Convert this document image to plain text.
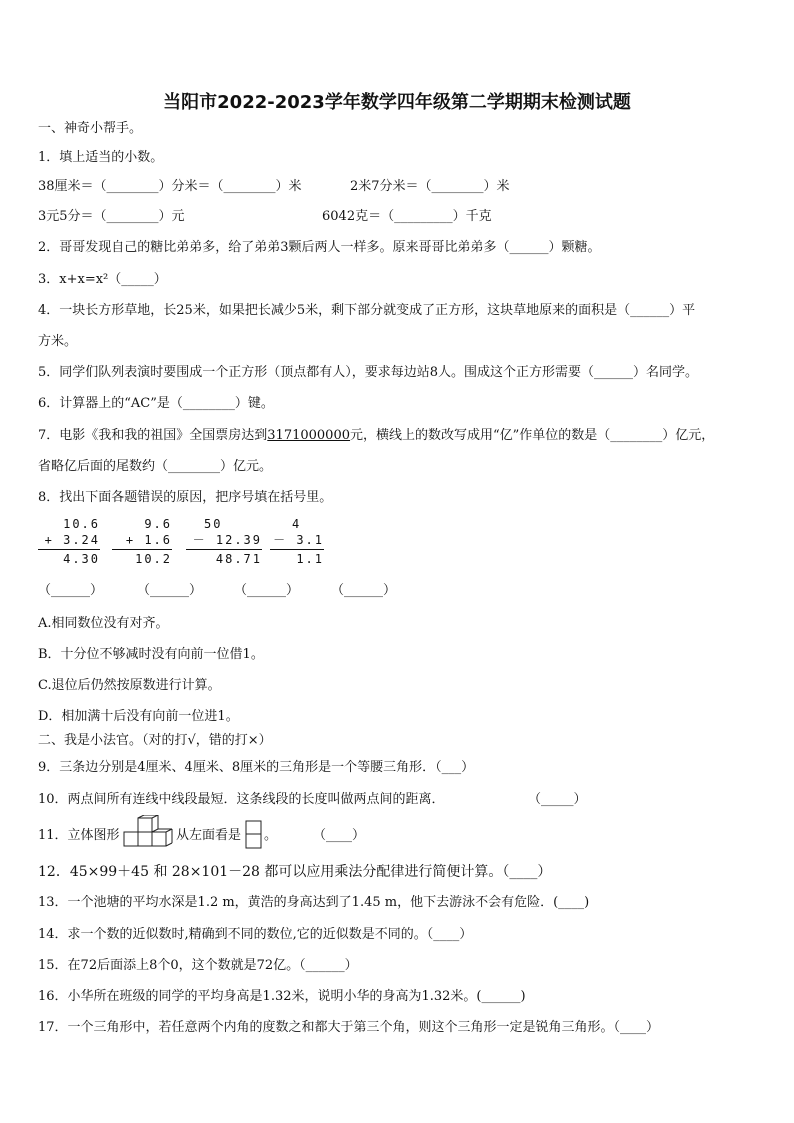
当阳市2022-2023学年数学四年级第二学期期末检测试题
一、神奇小帮手。
1．填上适当的小数。
38厘米＝（________）分米＝（________）米	2米7分米＝（________）米
3元5分＝（________）元	6042克＝（_________）千克
2．哥哥发现自己的糖比弟弟多，给了弟弟3颗后两人一样多。原来哥哥比弟弟多（______）颗糖。
3．x+x=x²（_____）
4．一块长方形草地，长25米，如果把长减少5米，剩下部分就变成了正方形，这块草地原来的面积是（______）平
方米。
5．同学们队列表演时要围成一个正方形（顶点都有人），要求每边站8人。围成这个正方形需要（______）名同学。
6．计算器上的“AC”是（________）键。
7．电影《我和我的祖国》全国票房达到3171000000元，横线上的数改写成用“亿”作单位的数是（________）亿元，
省略亿后面的尾数约（________）亿元。
8．找出下面各题错误的原因，把序号填在括号里。
10.6
+ 3.24
4.30
9.6
+ 1.6
10.2
50
－ 12.39
48.71
4
－ 3.1
1.1
（______）	（______） （______） （______）
A.相同数位没有对齐。
B．十分位不够减时没有向前一位借1。
C.退位后仍然按原数进行计算。
D．相加满十后没有向前一位进1。
二、我是小法官。（对的打√，错的打×）
9．三条边分别是4厘米、4厘米、8厘米的三角形是一个等腰三角形．（___）
10．两点间所有连线中线段最短．这条线段的长度叫做两点间的距离．	（_____）
11．立体图形	从左面看是 。	（____）
12．45×99＋45 和 28×101－28 都可以应用乘法分配律进行简便计算。（____）
13．一个池塘的平均水深是1.2 m，黄浩的身高达到了1.45 m，他下去游泳不会有危险．(____)
14．求一个数的近似数时,精确到不同的数位,它的近似数是不同的。（____）
15．在72后面添上8个0，这个数就是72亿。（______）
16．小华所在班级的同学的平均身高是1.32米，说明小华的身高为1.32米。(______)
17．一个三角形中，若任意两个内角的度数之和都大于第三个角，则这个三角形一定是锐角三角形。（____）
